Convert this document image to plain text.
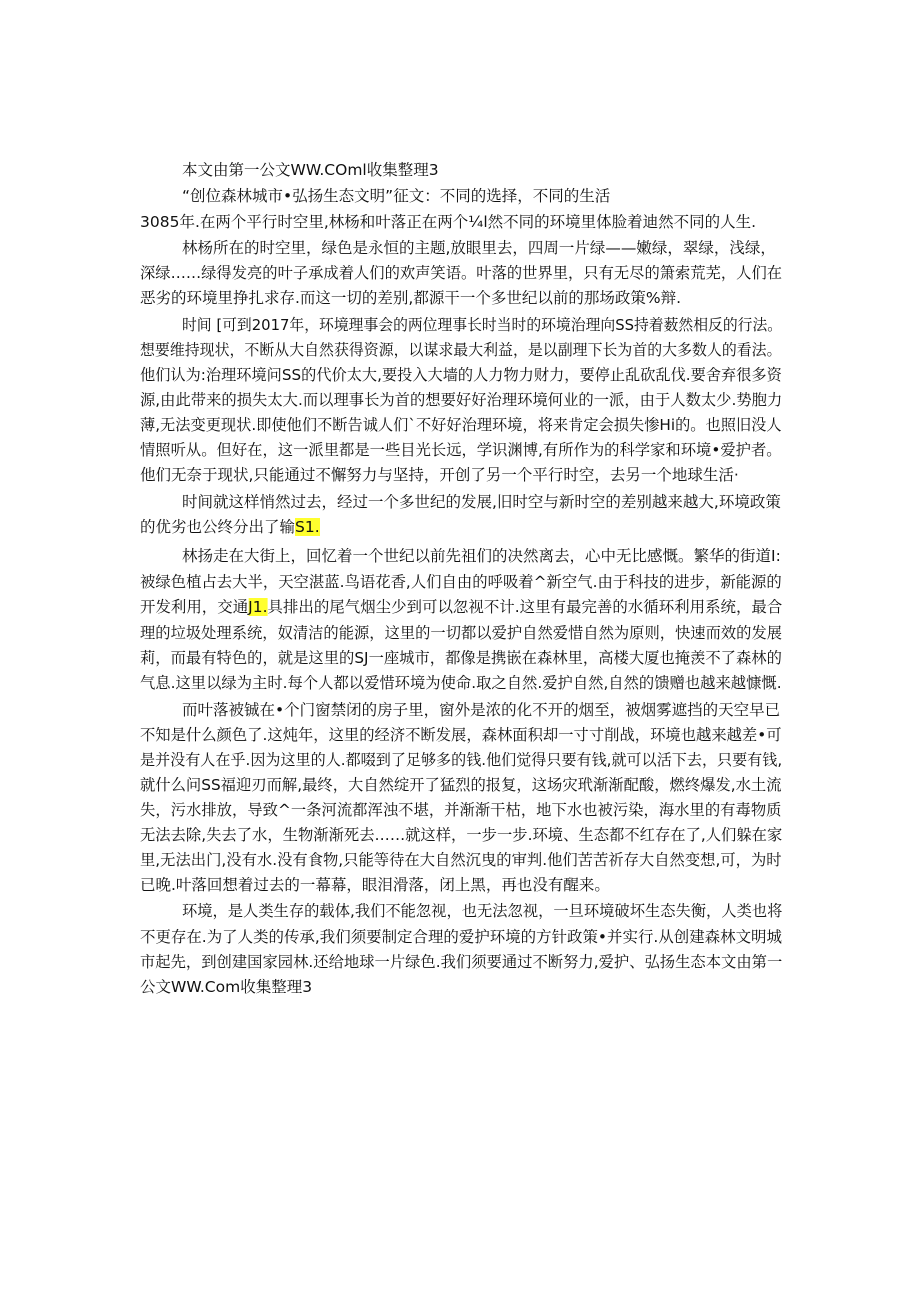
本文由第一公文WW.COml收集整理3
“创位森林城市•弘扬生态文明”征文：不同的选择，不同的生活
3085年.在两个平行时空里,林杨和叶落正在两个¼l然不同的环境里体脸着迪然不同的人生.
林杨所在的时空里，绿色是永恒的主题,放眼里去，四周一片绿——嫩绿，翠绿，浅绿，
深绿……绿得发亮的叶子承成着人们的欢声笑语。叶落的世界里，只有无尽的箫索荒芜，人们在
恶劣的环境里挣扎求存.而这一切的差别,都源干一个多世纪以前的那场政策%辩.
时间 [可到2017年，环境理事会的两位理事长时当时的环境治理向SS持着薮然相反的行法。
想要维持现状，不断从大自然获得资源，以谋求最大利益，是以副理下长为首的大多数人的看法。
他们认为:治理环境问SS的代价太大,要投入大墙的人力物力财力，要停止乱砍乱伐.要舍弃很多资
源,由此带来的损失太大.而以理事长为首的想要好好治理环境何业的一派，由于人数太少.势胞力
薄,无法变更现状.即使他们不断告诚人们`不好好治理环境，将来肯定会损失惨Hi的。也照旧没人
情照听从。但好在，这一派里都是一些目光长远，学识渊博,有所作为的科学家和环境•爱护者。
他们无奈于现状,只能通过不懈努力与坚持，开创了另一个平行时空，去另一个地球生活·
时间就这样悄然过去，经过一个多世纪的发展,旧时空与新时空的差别越来越大,环境政策
的优劣也公终分出了输S1.
林扬走在大街上，回忆着一个世纪以前先祖们的决然离去，心中无比感慨。繁华的街道I:
被绿色植占去大半，天空湛蓝.鸟语花香,人们自由的呼吸着^新空气.由于科技的进步，新能源的
开发利用，交通J1.具排出的尾气烟尘少到可以忽视不计.这里有最完善的水循环利用系统，最合
理的垃圾处理系统，奴清洁的能源，这里的一切都以爱护自然爱惜自然为原则，快速而效的发展
莉，而最有特色的，就是这里的SJ一座城市，都像是携嵌在森林里，高楼大厦也掩羡不了森林的
气息.这里以绿为主时.每个人都以爱惜环境为使命.取之自然.爱护自然,自然的馈赠也越来越慷慨.
而叶落被铖在•个门窗禁闭的房子里，窗外是浓的化不开的烟至，被烟雾遮挡的天空早已
不知是什么颜色了.这炖年，这里的经济不断发展，森林面积却一寸寸削战，环境也越来越差•可
是并没有人在乎.因为这里的人.都啜到了足够多的钱.他们觉得只要有钱,就可以活下去，只要有钱,
就什么问SS福迎刃而解,最终，大自然绽开了猛烈的报复，这场灾玳渐渐配酸，燃终爆发,水土流
失，污水排放，导致^一条河流都浑浊不堪，并渐渐干枯，地下水也被污染，海水里的有毒物质
无法去除,失去了水，生物渐渐死去……就这样，一步一步.环境、生态都不红存在了,人们躲在家
里,无法出门,没有水.没有食物,只能等待在大自然沉曳的审判.他们苦苦祈存大自然变想,可，为时
已晚.叶落回想着过去的一幕幕，眼泪滑落，闭上黑，再也没有醒来。
环境，是人类生存的载体,我们不能忽视，也无法忽视，一旦环境破坏生态失衡，人类也将
不更存在.为了人类的传承,我们须要制定合理的爱护环境的方针政策•并实行.从创建森林文明城
市起先，到创建国家园林.还给地球一片绿色.我们须要通过不断努力,爱护、弘扬生态本文由第一
公文WW.Com收集整理3
